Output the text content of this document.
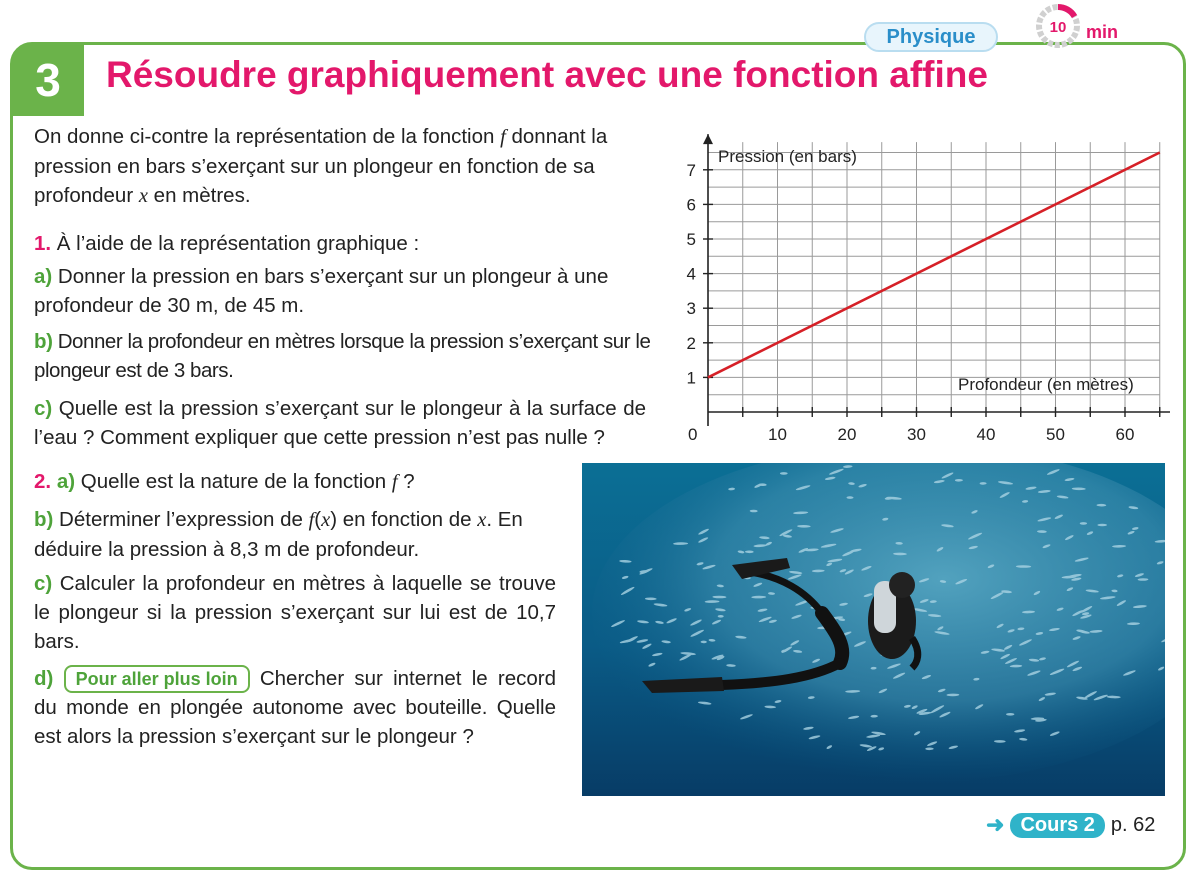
3	Résoudre graphiquement avec une fonction affine
Physique	10 min

On donne ci-contre la représentation de la fonction f donnant la pression en bars s’exerçant sur un plongeur en fonction de sa profondeur x en mètres.

1. À l’aide de la représentation graphique :

a) Donner la pression en bars s’exerçant sur un plongeur à une profondeur de 30 m, de 45 m.

b) Donner la profondeur en mètres lorsque la pression s’exerçant sur le plongeur est de 3 bars.

c) Quelle est la pression s’exerçant sur le plongeur à la surface de l’eau ? Comment expliquer que cette pression n’est pas nulle ?

2. a) Quelle est la nature de la fonction f ?

b) Déterminer l’expression de f(x) en fonction de x. En déduire la pression à 8,3 m de profondeur.

c) Calculer la profondeur en mètres à laquelle se trouve le plongeur si la pression s’exerçant sur lui est de 10,7 bars.

d) Pour aller plus loin Chercher sur internet le record du monde en plongée autonome avec bouteille. Quelle est alors la pression s’exerçant sur le plongeur ?

10	20	30	40	50	60
1
2
3
4
5
6
7
Pression (en bars)
Profondeur (en mètres)
0
➜ Cours 2 p. 62
